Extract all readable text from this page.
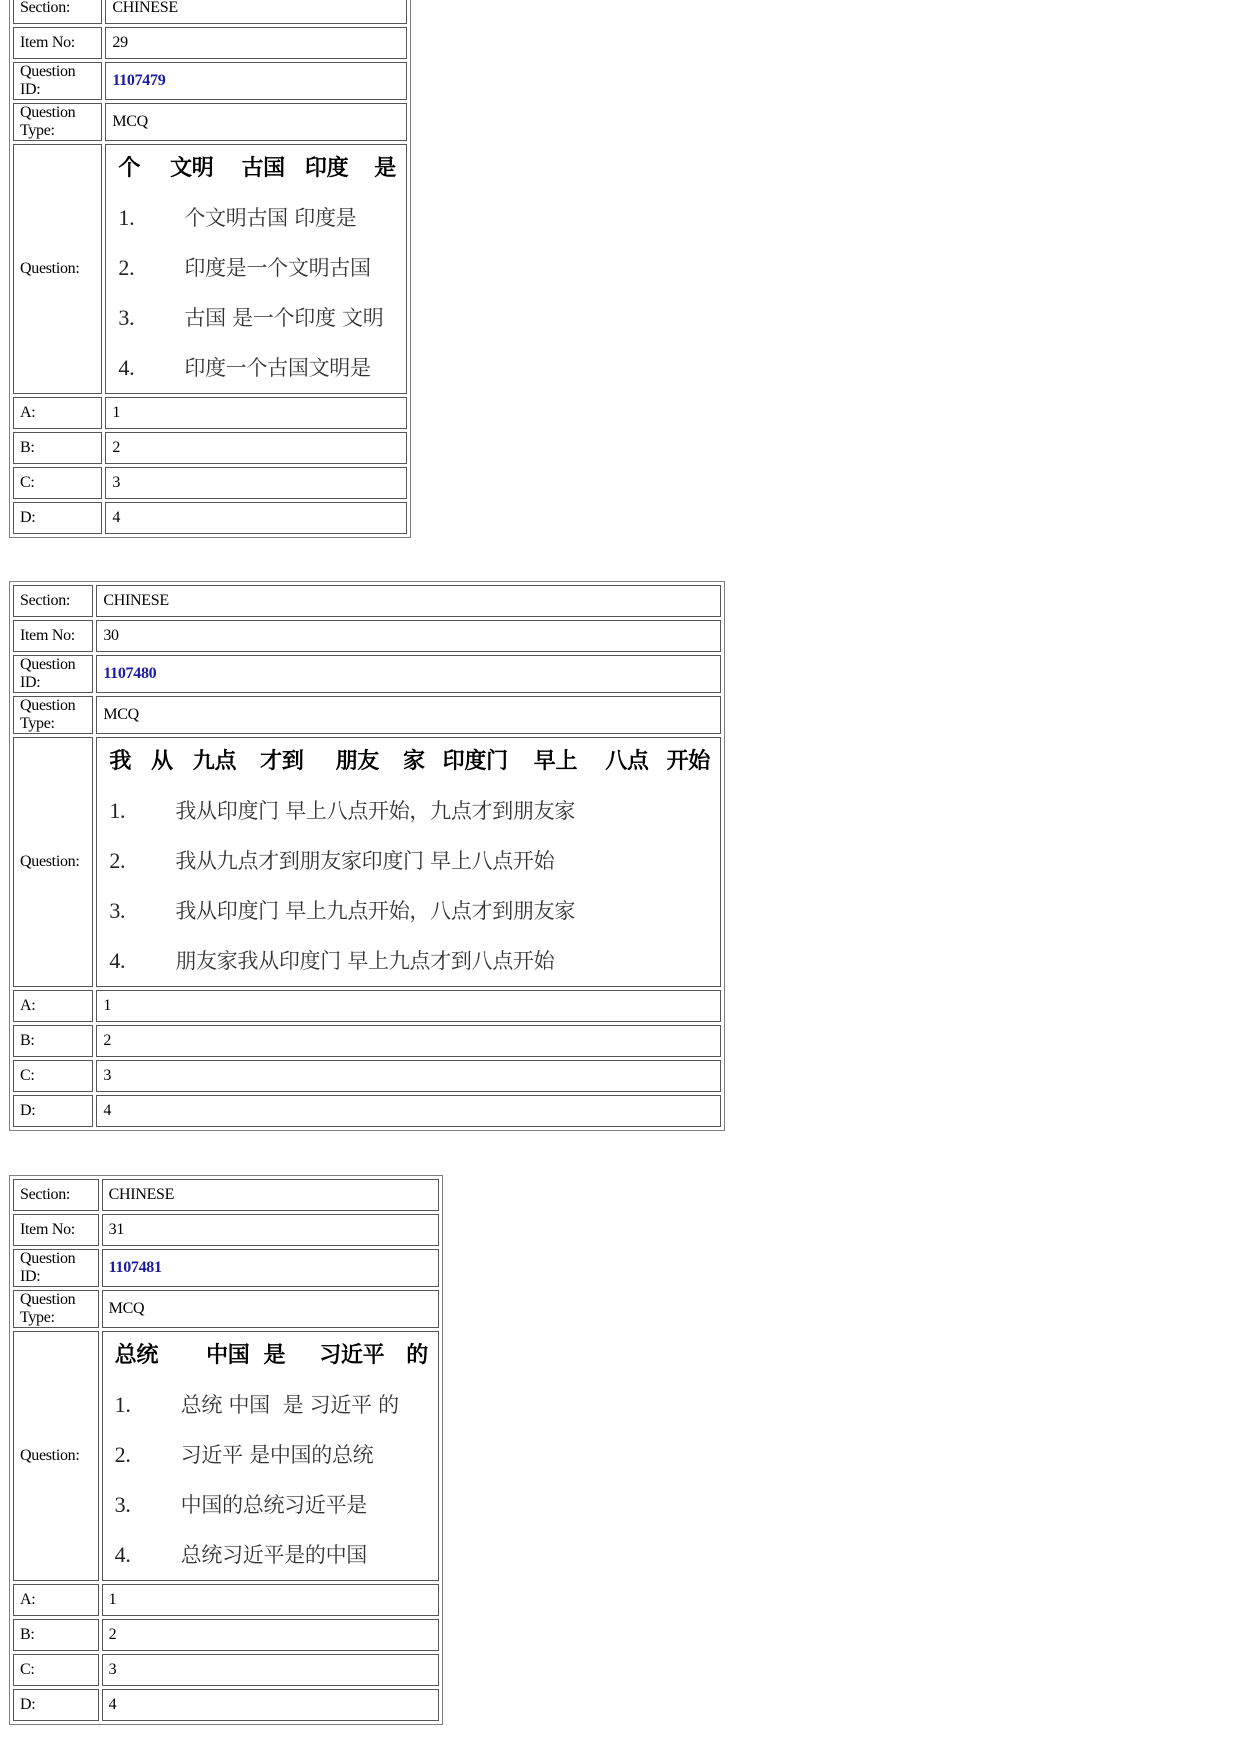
Section:	CHINESE
Item No:	29
Question ID:	1107479
Question Type:	MCQ
Question:	个 文明 古国 印度 是
1. 个文明古国 印度是
2. 印度是一个文明古国
3. 古国 是一个印度 文明
4. 印度一个古国文明是

A:	1
B:	2
C:	3
D:	4
Section:	CHINESE
Item No:	30
Question ID:	1107480
Question Type:	MCQ
Question:	我 从 九点 才到 朋友 家 印度门 早上 八点 开始
1. 我从印度门 早上八点开始，九点才到朋友家
2. 我从九点才到朋友家印度门 早上八点开始
3. 我从印度门 早上九点开始，八点才到朋友家
4. 朋友家我从印度门 早上九点才到八点开始

A:	1
B:	2
C:	3
D:	4
Section:	CHINESE
Item No:	31
Question ID:	1107481
Question Type:	MCQ
Question:	总统 中国 是 习近平 的
1. 总统 中国  是 习近平 的
2. 习近平 是中国的总统
3. 中国的总统习近平是
4. 总统习近平是的中国

A:	1
B:	2
C:	3
D:	4
